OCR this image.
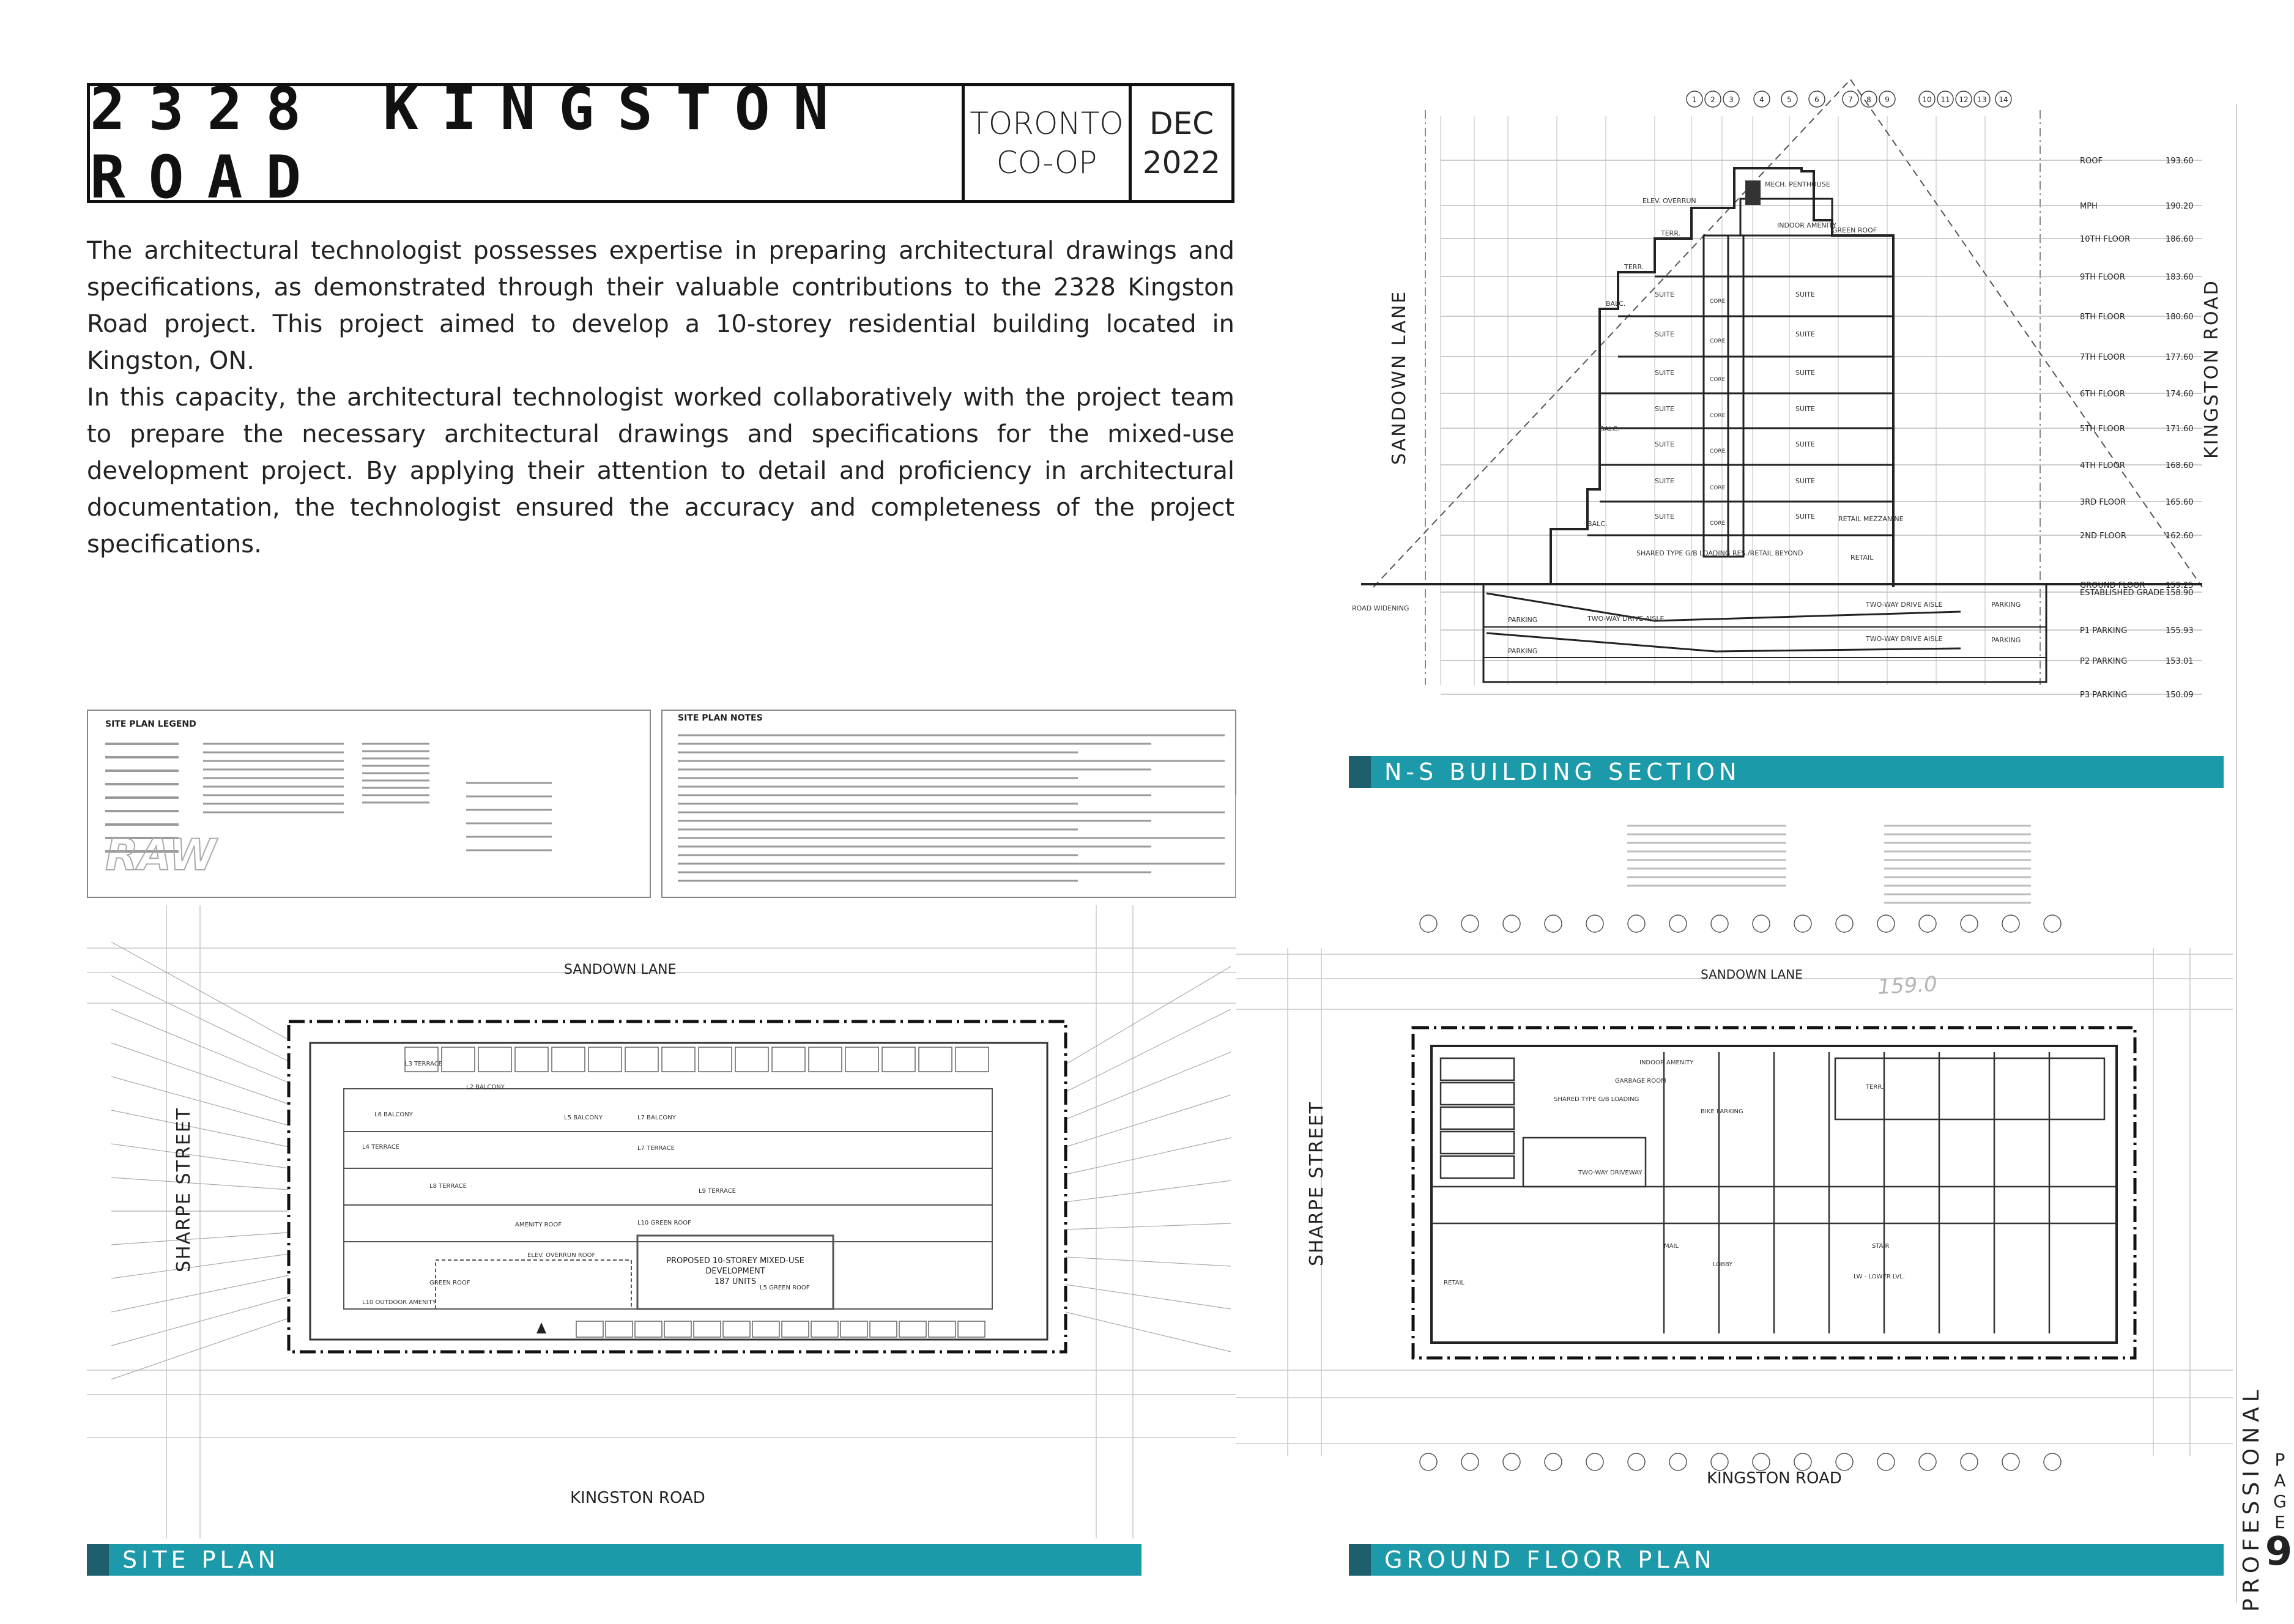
2328 KINGSTON ROAD
TORONTO
CO-OP
DEC
2022

The architectural technologist possesses expertise in preparing architectural drawings and specifications, as demonstrated through their valuable contributions to the 2328 Kingston Road project. This project aimed to develop a 10-storey residential building located in Kingston, ON.

In this capacity, the architectural technologist worked collaboratively with the project team to prepare the necessary architectural drawings and specifications for the mixed-use development project. By applying their attention to detail and proficiency in architectural documentation, the technologist ensured the accuracy and completeness of the project specifications.

1 2 3	4	5	6	7 8 9	10 11 12 13 14
SUITE	SUITE
CORE
SUITE	SUITE
CORE
SUITE	SUITE
CORE
SUITE	SUITE
CORE
SUITE	SUITE
CORE
SUITE	SUITE
CORE
SUITE	SUITE
CORE
TERR.
TERR.
BALC.
BALC.
BALC.
PARKING
PARKING
PARKING
PARKING
TWO-WAY DRIVE AISLE
TWO-WAY DRIVE AISLE
TWO-WAY DRIVE AISLE
RETAIL
RETAIL MEZZANINE
SHARED TYPE G/B LOADING RES./RETAIL BEYOND
INDOOR AMENITY
GREEN ROOF
ELEV. OVERRUN
MECH. PENTHOUSE
ROAD WIDENING
SANDOWN LANE	KINGSTON ROAD
ROOF	193.60
MPH	190.20
10TH FLOOR	186.60
9TH FLOOR	183.60
8TH FLOOR	180.60
7TH FLOOR	177.60
6TH FLOOR	174.60
5TH FLOOR	171.60
4TH FLOOR	168.60
3RD FLOOR	165.60
2ND FLOOR	162.60
GROUND FLOOR	159.25
ESTABLISHED GRADE 158.90
P1 PARKING	155.93
P2 PARKING	153.01
P3 PARKING	150.09
N-S BUILDING SECTION
SITE PLAN LEGEND
SITE PLAN NOTES
RAW
L3 TERRACE
L6 BALCONY
L2 BALCONY
L4 TERRACE
L8 TERRACE
L7 TERRACE
L9 TERRACE
L10 GREEN ROOF
GREEN ROOF
L10 OUTDOOR AMENITY
ELEV. OVERRUN ROOF
AMENITY ROOF
L5 BALCONY
L5 GREEN ROOF
L7 BALCONY
PROPOSED 10-STOREY MIXED-USE
DEVELOPMENT
187 UNITS
SANDOWN LANE
KINGSTON ROAD
SHARPE STREET
SITE PLAN
RETAIL
LW - LOWER LVL.
TERR.
LOBBY
MAIL
GARBAGE ROOM
INDOOR AMENITY
TWO-WAY DRIVEWAY
SHARED TYPE G/B LOADING
BIKE PARKING
STAIR
159.0
SANDOWN LANE
KINGSTON ROAD
SHARPE STREET
GROUND FLOOR PLAN	PROFESSIONAL P
A
G
E
9
